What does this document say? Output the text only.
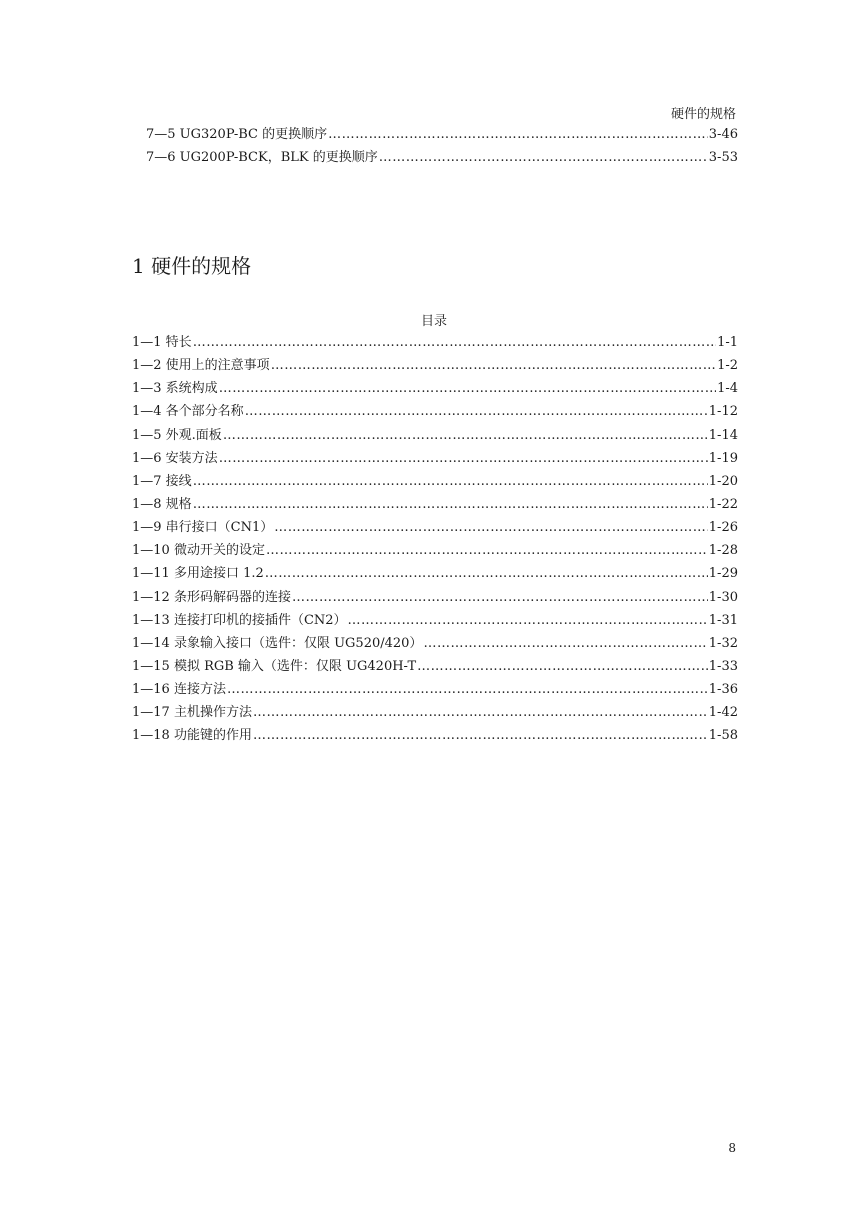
硬件的规格
7—5 UG320P-BC 的更换顺序 …………………………………………………………………………………………………………………………………………………………………………………………………………………………………………………………	3-46
7—6 UG200P-BCK，BLK 的更换顺序 …………………………………………………………………………………………………………………………………………………………………………………………………………………………………………………………	3-53
1 硬件的规格
目录
1—1 特长 …………………………………………………………………………………………………………………………………………………………………………………………………………………………………………………………	1-1
1—2 使用上的注意事项 …………………………………………………………………………………………………………………………………………………………………………………………………………………………………………………………	1-2
1—3 系统构成 …………………………………………………………………………………………………………………………………………………………………………………………………………………………………………………………	1-4
1—4 各个部分名称 …………………………………………………………………………………………………………………………………………………………………………………………………………………………………………………………	1-12
1—5 外观.面板 …………………………………………………………………………………………………………………………………………………………………………………………………………………………………………………………	1-14
1—6 安装方法 …………………………………………………………………………………………………………………………………………………………………………………………………………………………………………………………	1-19
1—7 接线 …………………………………………………………………………………………………………………………………………………………………………………………………………………………………………………………	1-20
1—8 规格 …………………………………………………………………………………………………………………………………………………………………………………………………………………………………………………………	1-22
1—9 串行接口（CN1） …………………………………………………………………………………………………………………………………………………………………………………………………………………………………………………………	1-26
1—10 微动开关的设定 …………………………………………………………………………………………………………………………………………………………………………………………………………………………………………………………	1-28
1—11 多用途接口 1.2 …………………………………………………………………………………………………………………………………………………………………………………………………………………………………………………………	1-29
1—12 条形码解码器的连接 …………………………………………………………………………………………………………………………………………………………………………………………………………………………………………………………	1-30
1—13 连接打印机的接插件（CN2） …………………………………………………………………………………………………………………………………………………………………………………………………………………………………………………………	1-31
1—14 录象输入接口（选件：仅限 UG520/420） …………………………………………………………………………………………………………………………………………………………………………………………………………………………………………………………	1-32
1—15 模拟 RGB 输入（选件：仅限 UG420H-T …………………………………………………………………………………………………………………………………………………………………………………………………………………………………………………………	1-33
1—16 连接方法 …………………………………………………………………………………………………………………………………………………………………………………………………………………………………………………………	1-36
1—17 主机操作方法 …………………………………………………………………………………………………………………………………………………………………………………………………………………………………………………………	1-42
1—18 功能键的作用 …………………………………………………………………………………………………………………………………………………………………………………………………………………………………………………………	1-58
8
